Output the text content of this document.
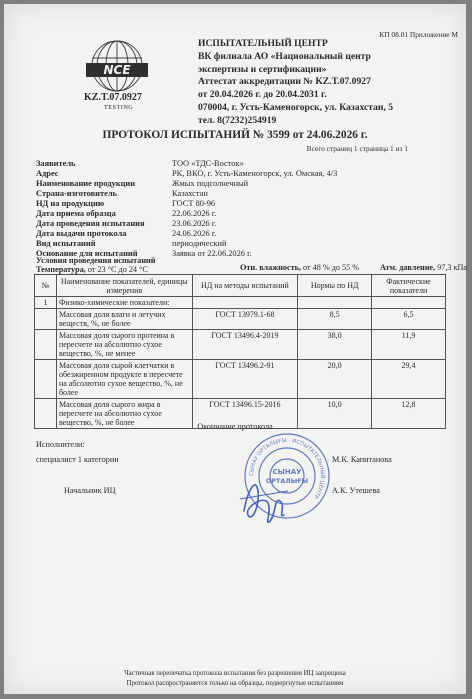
КП 08.01 Приложение М
NCE
KZ.T.07.0927
TESTING
ИСПЫТАТЕЛЬНЫЙ ЦЕНТР
ВК филиала АО «Национальный центр
экспертизы и сертификации»
Аттестат аккредитации № KZ.T.07.0927
от 20.04.2026 г. до 20.04.2031 г.
070004, г. Усть-Каменогорск, ул. Казахстан, 5
тел. 8(7232)254919
ПРОТОКОЛ ИСПЫТАНИЙ № 3599 от 24.06.2026 г.
Всего страниц 1 страница 1 из 1
Заявитель	ТОО «ТДС-Восток»
Адрес	РК, ВКО, г. Усть-Каменогорск, ул. Омская, 4/3
Наименование продукции	Жмых подсолнечный
Страна-изготовитель	Казахстан
НД на продукцию	ГОСТ 80-96
Дата приема образца	22.06.2026 г.
Дата проведения испытания	23.06.2026 г.
Дата выдачи протокола	24.06.2026 г.
Вид испытаний	периодический
Основание для испытаний	Заявка от 22.06.2026 г.
Условия проведения испытаний
Температура, от 23 °С до 24 °С	Отн. влажность, от 48 % до 55 %	Атм. давление, 97,3 кПа
№	Наименование показателей, единицы измерения	НД на методы испытаний	Нормы по НД	Фактические показатели
1	Физико-химические показатели:			
	Массовая доля влаги и летучих веществ, %, не более	ГОСТ 13979.1-68	8,5	6,5
	Массовая доля сырого протеина в пересчете на абсолютно сухое вещество, %, не менее	ГОСТ 13496.4-2019	38,0	11,9
	Массовая доля сырой клетчатки в обезжиренном продукте в пересчете на абсолютно сухое вещество, %, не более	ГОСТ 13496.2-91	20,0	29,4
	Массовая доля сырого жира в пересчете на абсолютно сухое вещество, %, не более	ГОСТ 13496.15-2016	10,0	12,8
Окончание протокола
СЫНАУ ОРТАЛЫҒЫ · ИСПЫТАТЕЛЬНЫЙ ЦЕНТР
СЫНАУ
ОРТАЛЫҒЫ
Исполнители:
специалист 1 категории	М.К. Капитанова
Начальник ИЦ	А.К. Утешева
Частичная перепечатка протокола испытания без разрешения ИЦ запрещена
Протокол распространяется только на образцы, подвергнутые испытаниям
